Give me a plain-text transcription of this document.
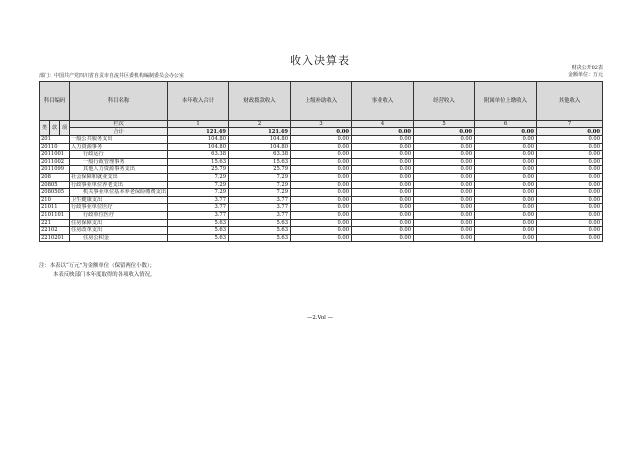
收入决算表
财决公开02表
部门：中国共产党四川省自贡市自流井区委机构编制委员会办公室	金额单位：万元
科目编码			科目名称	本年收入合计	财政拨款收入	上级补助收入	事业收入	经营收入	附属单位上缴收入	其他收入
类	款	项	栏次	1	2	3	4	5	6	7
			合计	121.49	121.49	0.00	0.00	0.00	0.00	0.00
201			一般公共服务支出	104.80	104.80	0.00	0.00	0.00	0.00	0.00
20110			人力资源事务	104.80	104.80	0.00	0.00	0.00	0.00	0.00
2011001			行政运行	63.38	63.38	0.00	0.00	0.00	0.00	0.00
2011002			一般行政管理事务	15.63	15.63	0.00	0.00	0.00	0.00	0.00
2011099			其他人力资源事务支出	25.79	25.79	0.00	0.00	0.00	0.00	0.00
208			社会保障和就业支出	7.29	7.29	0.00	0.00	0.00	0.00	0.00
20805			行政事业单位养老支出	7.29	7.29	0.00	0.00	0.00	0.00	0.00
2080505			机关事业单位基本养老保险缴费支出	7.29	7.29	0.00	0.00	0.00	0.00	0.00
210			卫生健康支出	3.77	3.77	0.00	0.00	0.00	0.00	0.00
21011			行政事业单位医疗	3.77	3.77	0.00	0.00	0.00	0.00	0.00
2101101			行政单位医疗	3.77	3.77	0.00	0.00	0.00	0.00	0.00
221			住房保障支出	5.63	5.63	0.00	0.00	0.00	0.00	0.00
22102			住房改革支出	5.63	5.63	0.00	0.00	0.00	0.00	0.00
2210201			住房公积金	5.63	5.63	0.00	0.00	0.00	0.00	0.00
注：本表以“万元”为金额单位（保留两位小数）；
本表反映部门本年度取得的各项收入情况。
—2.Vol —
